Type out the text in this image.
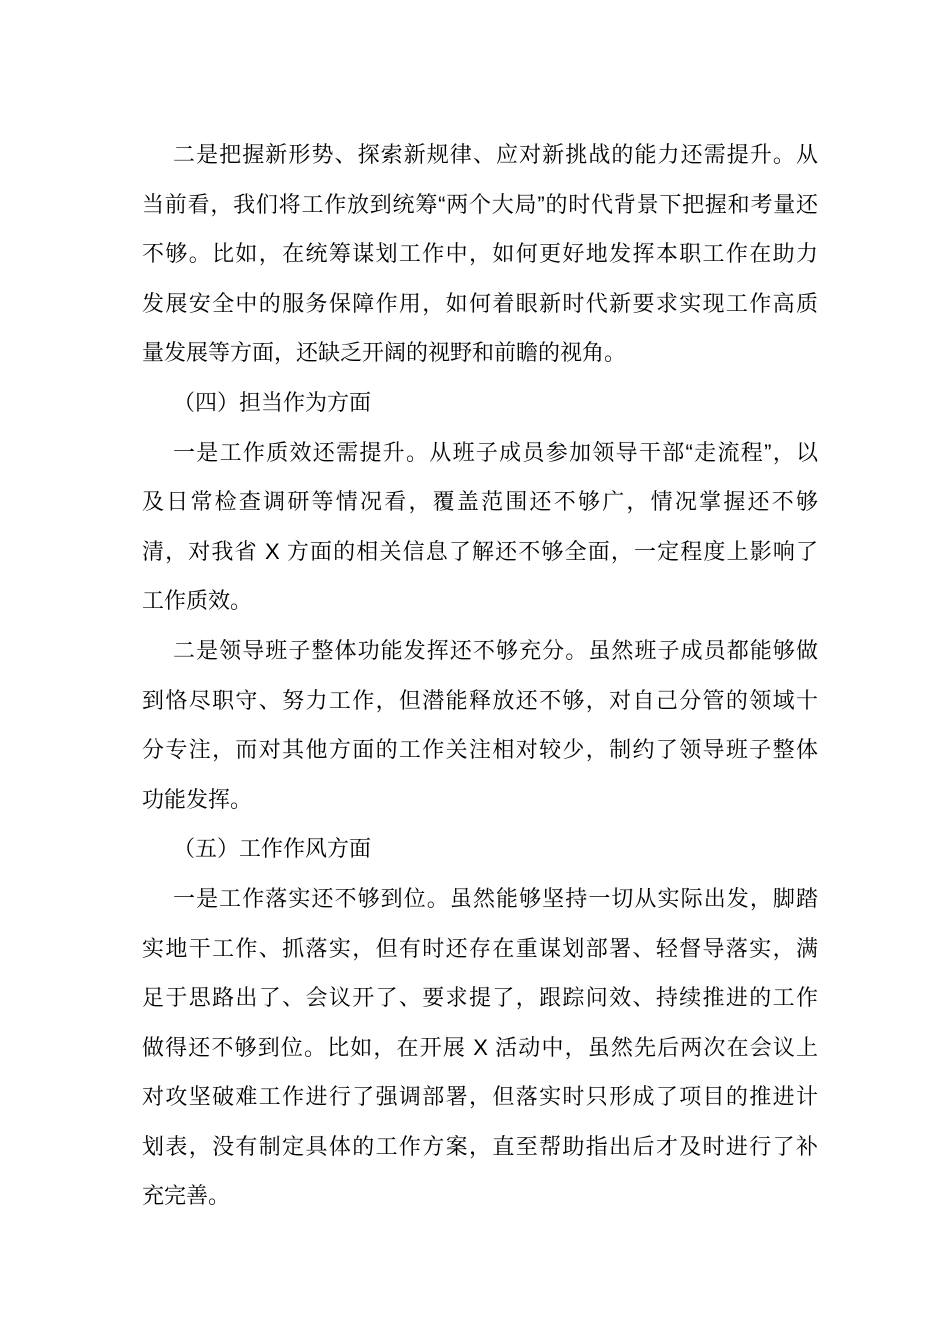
二是把握新形势、探索新规律、应对新挑战的能力还需提升。从
当前看，我们将工作放到统筹“两个大局”的时代背景下把握和考量还
不够。比如，在统筹谋划工作中，如何更好地发挥本职工作在助力
发展安全中的服务保障作用，如何着眼新时代新要求实现工作高质
量发展等方面，还缺乏开阔的视野和前瞻的视角。
（四）担当作为方面
一是工作质效还需提升。从班子成员参加领导干部“走流程”，以
及日常检查调研等情况看，覆盖范围还不够广，情况掌握还不够
清，对我省 X 方面的相关信息了解还不够全面，一定程度上影响了
工作质效。
二是领导班子整体功能发挥还不够充分。虽然班子成员都能够做
到恪尽职守、努力工作，但潜能释放还不够，对自己分管的领域十
分专注，而对其他方面的工作关注相对较少，制约了领导班子整体
功能发挥。
（五）工作作风方面
一是工作落实还不够到位。虽然能够坚持一切从实际出发，脚踏
实地干工作、抓落实，但有时还存在重谋划部署、轻督导落实，满
足于思路出了、会议开了、要求提了，跟踪问效、持续推进的工作
做得还不够到位。比如，在开展 X 活动中，虽然先后两次在会议上
对攻坚破难工作进行了强调部署，但落实时只形成了项目的推进计
划表，没有制定具体的工作方案，直至帮助指出后才及时进行了补
充完善。
